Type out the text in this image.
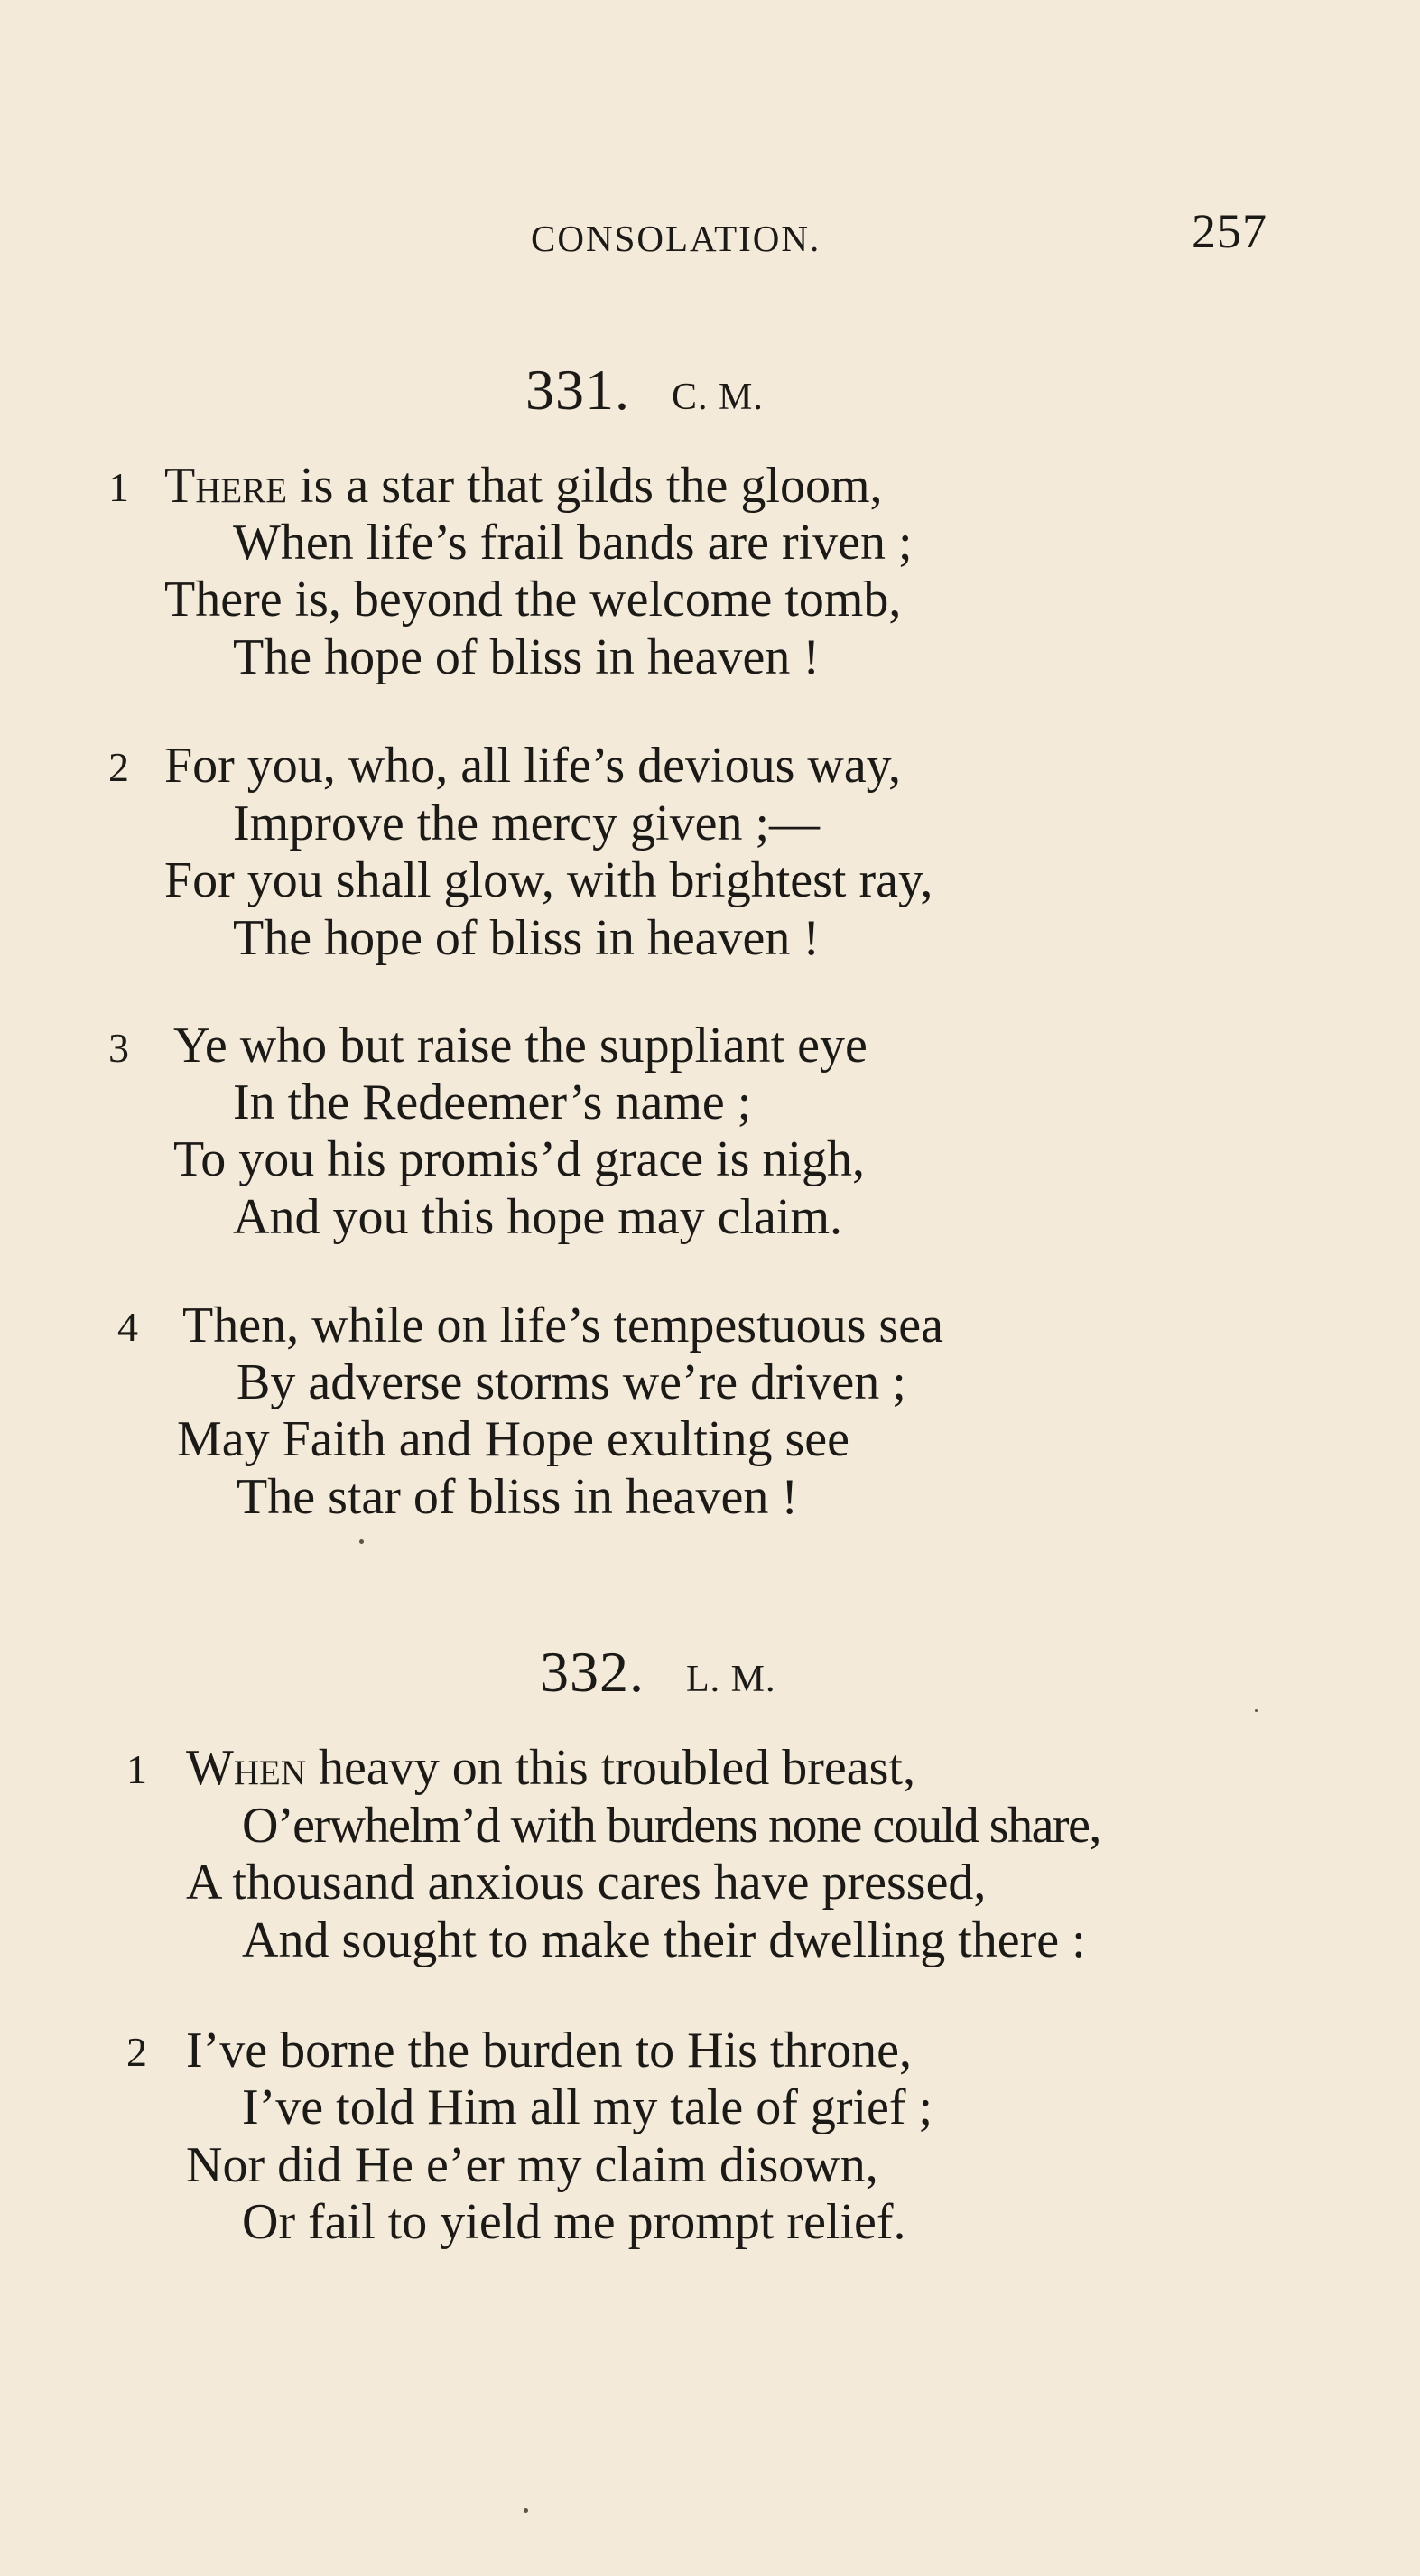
CONSOLATION.	257
331. C. M.
1 There is a star that gilds the gloom,
When life’s frail bands are riven ;
There is, beyond the welcome tomb,
The hope of bliss in heaven !
2 For you, who, all life’s devious way,
Improve the mercy given ;—
For you shall glow, with brightest ray,
The hope of bliss in heaven !
3 Ye who but raise the suppliant eye
In the Redeemer’s name ;
To you his promis’d grace is nigh,
And you this hope may claim.
4 Then, while on life’s tempestuous sea
By adverse storms we’re driven ;
May Faith and Hope exulting see
The star of bliss in heaven !
332. L. M.
1 When heavy on this troubled breast,
O’erwhelm’d with burdens none could share,
A thousand anxious cares have pressed,
And sought to make their dwelling there :
2 I’ve borne the burden to His throne,
I’ve told Him all my tale of grief ;
Nor did He e’er my claim disown,
Or fail to yield me prompt relief.
